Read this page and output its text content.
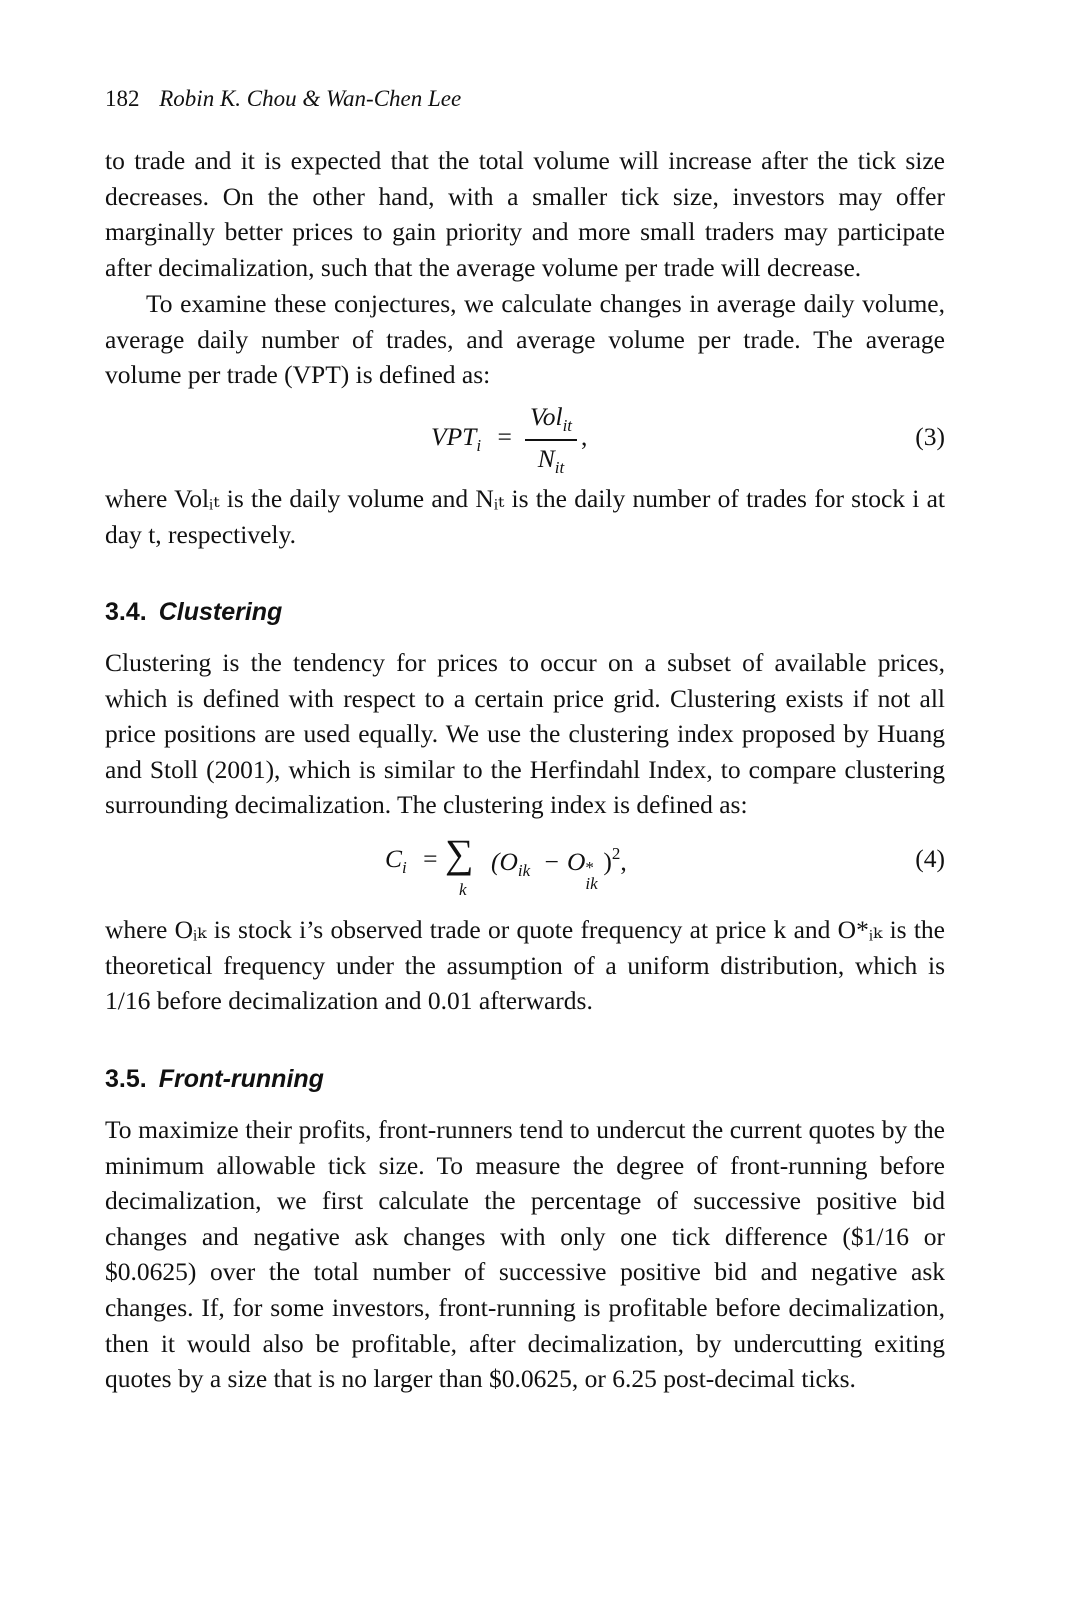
182 Robin K. Chou & Wan-Chen Lee

to trade and it is expected that the total volume will increase after the tick size decreases. On the other hand, with a smaller tick size, investors may offer marginally better prices to gain priority and more small traders may participate after decimalization, such that the average volume per trade will decrease.

To examine these conjectures, we calculate changes in average daily volume, average daily number of trades, and average volume per trade. The average volume per trade (VPT) is defined as:

$VPT_i$ =
Vol$_{it}$
$N_{it}$
,	(3)

where Volᵢₜ is the daily volume and Nᵢₜ is the daily number of trades for stock i at day t, respectively.

3.4. Clustering

Clustering is the tendency for prices to occur on a subset of available prices, which is defined with respect to a certain price grid. Clustering exists if not all price positions are used equally. We use the clustering index proposed by Huang and Stoll (2001), which is similar to the Herfindahl Index, to compare clustering surrounding decimalization. The clustering index is defined as:

$C_i$ = ∑
k
($O_{ik} - O$ *
ik
)$^2$,	(4)

where Oᵢₖ is stock i’s observed trade or quote frequency at price k and O*ᵢₖ is the theoretical frequency under the assumption of a uniform distribution, which is 1/16 before decimalization and 0.01 afterwards.

3.5. Front-running

To maximize their profits, front-runners tend to undercut the current quotes by the minimum allowable tick size. To measure the degree of front-running before decimalization, we first calculate the percentage of successive positive bid changes and negative ask changes with only one tick difference ($1/16 or $0.0625) over the total number of successive positive bid and negative ask changes. If, for some investors, front-running is profitable before decimalization, then it would also be profitable, after decimalization, by undercutting exiting quotes by a size that is no larger than $0.0625, or 6.25 post-decimal ticks.
